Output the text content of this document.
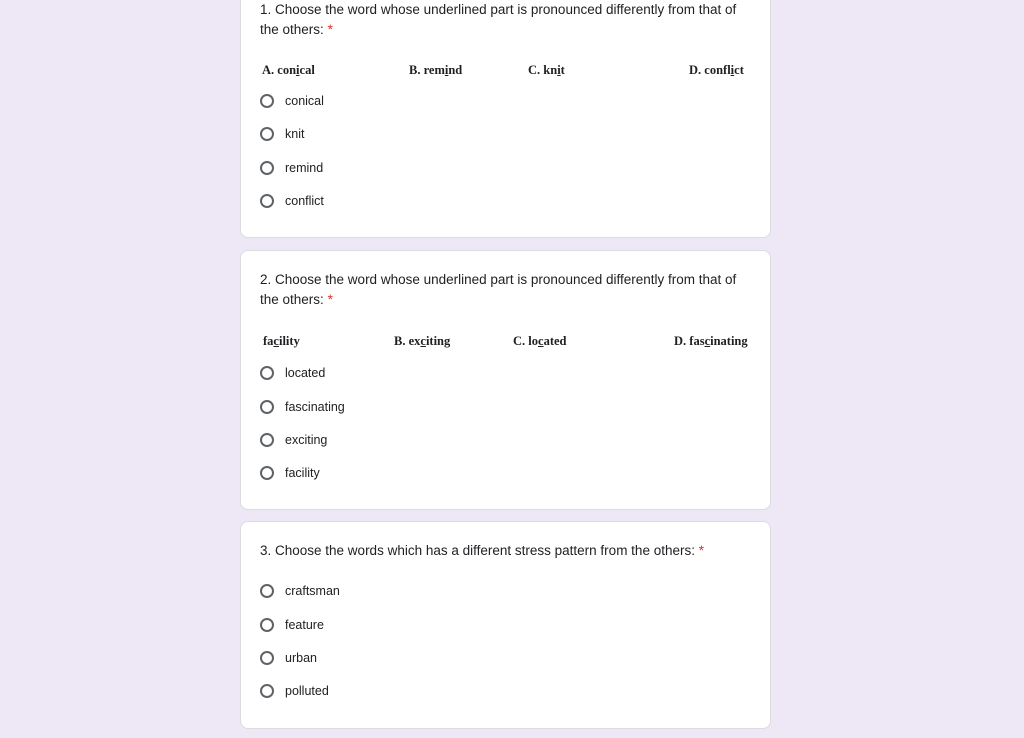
1. Choose the word whose underlined part is pronounced differently from that of the others: *
A. conical	B. remind	C. knit	D. conflict
conical
knit
remind
conflict
2. Choose the word whose underlined part is pronounced differently from that of the others: *
facility	B. exciting	C. located	D. fascinating
located
fascinating
exciting
facility
3. Choose the words which has a different stress pattern from the others: *
craftsman
feature
urban
polluted
